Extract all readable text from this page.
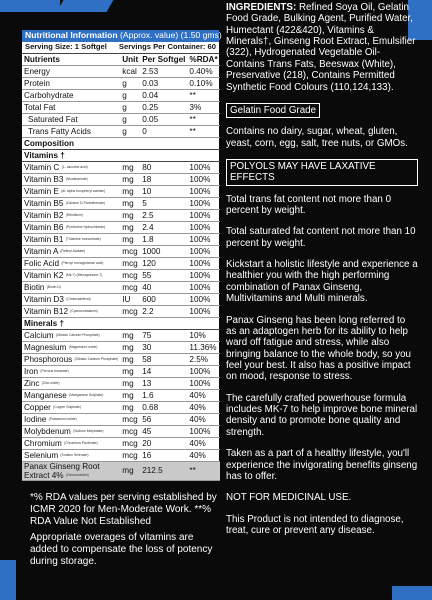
Nutritional Information (Approx. value) (1.50 gms)
Serving Size: 1 Softgel Servings Per Container: 60
Nutrients	Unit	Per Softgel	%RDA*
Energy	kcal	2.53	0.40%
Protein	g	0.03	0.10%
Carbohydrate	g	0.04	**
Total Fat	g	0.25	3%
Saturated Fat	g	0.05	**
Trans Fatty Acids	g	0	**
Composition			
Vitamins †			
Vitamin C (L- ascorbic acid)	mg	80	100%
Vitamin B3 (Nicotinamide)	mg	18	100%
Vitamin E (dl- alpha tocopheryl acetate)	mg	10	100%
Vitamin B5 (Calcium D-Pantothenate)	mg	5	100%
Vitamin B2 (Riboflavin)	mg	2.5	100%
Vitamin B6 (Pyridoxine hydrochloride)	mg	2.4	100%
Vitamin B1 (Thiamine mononitrate)	mg	1.8	100%
Vitamin A (Retinyl Acetate)	mcg	1000	100%
Folic Acid (Pteroyl monoglutamic acid)	mcg	120	100%
Vitamin K2 (Mk-7) (Menaquinone-7)	mcg	55	100%
Biotin (Biotin D)	mcg	40	100%
Vitamin D3 (Cholecalciferol)	IU	600	100%
Vitamin B12 (Cyanocobalamin)	mcg	2.2	100%
Minerals †			
Calcium (Dibasic Calcium Phosphate)	mg	75	10%
Magnesium (Magnesium oxide)	mg	30	11.36%
Phosphorous (Dibasic Calcium Phosphate)	mg	58	2.5%
Iron (Ferrous fumarate)	mg	14	100%
Zinc (Zinc oxide)	mg	13	100%
Manganese (Manganese Sulphate)	mg	1.6	40%
Copper (Copper Sulphate)	mg	0.68	40%
Iodine (Potassium iodide)	mcg	56	40%
Molybdenum (Sodium Molybdate)	mcg	45	100%
Chromium (Chromium Picolinate)	mcg	20	40%
Selenium (Sodium Selenate)	mcg	16	40%
Panax Ginseng Root Extract 4% (Ginsenosides)	mg	212.5	**
*% RDA values per serving established by ICMR 2020 for Men-Moderate Work. **% RDA Value Not Established
Appropriate overages of vitamins are added to compensate the loss of potency during storage.

INGREDIENTS: Refined Soya Oil, Gelatin Food Grade, Bulking Agent, Purified Water, Humectant (422&420), Vitamins & Minerals†, Ginseng Root Extract, Emulsifier (322), Hydrogenated Vegetable Oil-Contains Trans Fats, Beeswax (White), Preservative (218), Contains Permitted Synthetic Food Colours (110,124,133).

Gelatin Food Grade

Contains no dairy, sugar, wheat, gluten, yeast, corn, egg, salt, tree nuts, or GMOs.

POLYOLS MAY HAVE LAXATIVE EFFECTS

Total trans fat content not more than 0 percent by weight.

Total saturated fat content not more than 10 percent by weight.

Kickstart a holistic lifestyle and experience a healthier you with the high performing combination of Panax Ginseng, Multivitamins and Multi minerals.

Panax Ginseng has been long referred to as an adaptogen herb for its ability to help ward off fatigue and stress, while also bringing balance to the whole body, so you feel your best. It also has a positive impact on mood, response to stress.

The carefully crafted powerhouse formula includes MK-7 to help improve bone mineral density and to promote bone quality and strength.

Taken as a part of a healthy lifestyle, you'll experience the invigorating benefits ginseng has to offer.

NOT FOR MEDICINAL USE.

This Product is not intended to diagnose, treat, cure or prevent any disease.
